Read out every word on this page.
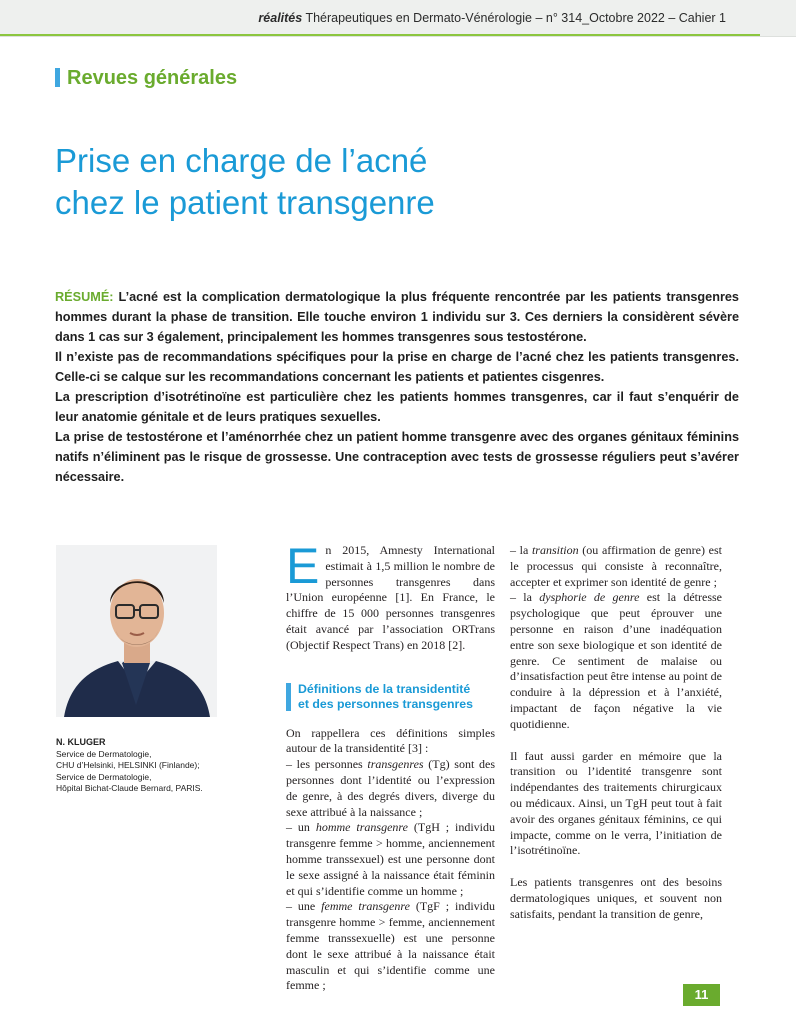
réalités Thérapeutiques en Dermato-Vénérologie – n° 314_Octobre 2022 – Cahier 1
Revues générales
Prise en charge de l’acné
chez le patient transgenre

RÉSUMÉ: L’acné est la complication dermatologique la plus fréquente rencontrée par les patients transgenres hommes durant la phase de transition. Elle touche environ 1 individu sur 3. Ces derniers la considèrent sévère dans 1 cas sur 3 également, principalement les hommes transgenres sous testostérone.

Il n’existe pas de recommandations spécifiques pour la prise en charge de l’acné chez les patients transgenres. Celle-ci se calque sur les recommandations concernant les patients et patientes cisgenres.

La prescription d’isotrétinoïne est particulière chez les patients hommes transgenres, car il faut s’enquérir de leur anatomie génitale et de leurs pratiques sexuelles.

La prise de testostérone et l’aménorrhée chez un patient homme transgenre avec des organes génitaux féminins natifs n’éliminent pas le risque de grossesse. Une contraception avec tests de grossesse réguliers peut s’avérer nécessaire.

N. KLUGER
Service de Dermatologie,
CHU d’Helsinki, HELSINKI (Finlande);
Service de Dermatologie,
Hôpital Bichat-Claude Bernard, PARIS.

En 2015, Amnesty International estimait à 1,5 million le nombre de personnes transgenres dans l’Union européenne [1]. En France, le chiffre de 15 000 personnes transgenres était avancé par l’association ORTrans (Objectif Respect Trans) en 2018 [2].

Définitions de la transidentité
et des personnes transgenres

On rappellera ces définitions simples autour de la transidentité [3] :

– les personnes transgenres (Tg) sont des personnes dont l’identité ou l’expression de genre, à des degrés divers, diverge du sexe attribué à la naissance ;

– un homme transgenre (TgH ; individu transgenre femme > homme, anciennement homme transsexuel) est une personne dont le sexe assigné à la naissance était féminin et qui s’identifie comme un homme ;

– une femme transgenre (TgF ; individu transgenre homme > femme, anciennement femme transsexuelle) est une personne dont le sexe attribué à la naissance était masculin et qui s’identifie comme une femme ;

– la transition (ou affirmation de genre) est le processus qui consiste à reconnaître, accepter et exprimer son identité de genre ;

– la dysphorie de genre est la détresse psychologique que peut éprouver une personne en raison d’une inadéquation entre son sexe biologique et son identité de genre. Ce sentiment de malaise ou d’insatisfaction peut être intense au point de conduire à la dépression et à l’anxiété, impactant de façon négative la vie quotidienne.

Il faut aussi garder en mémoire que la transition ou l’identité transgenre sont indépendantes des traitements chirurgicaux ou médicaux. Ainsi, un TgH peut tout à fait avoir des organes génitaux féminins, ce qui impacte, comme on le verra, l’initiation de l’isotrétinoïne.

Les patients transgenres ont des besoins dermatologiques uniques, et souvent non satisfaits, pendant la transition de genre,

11
